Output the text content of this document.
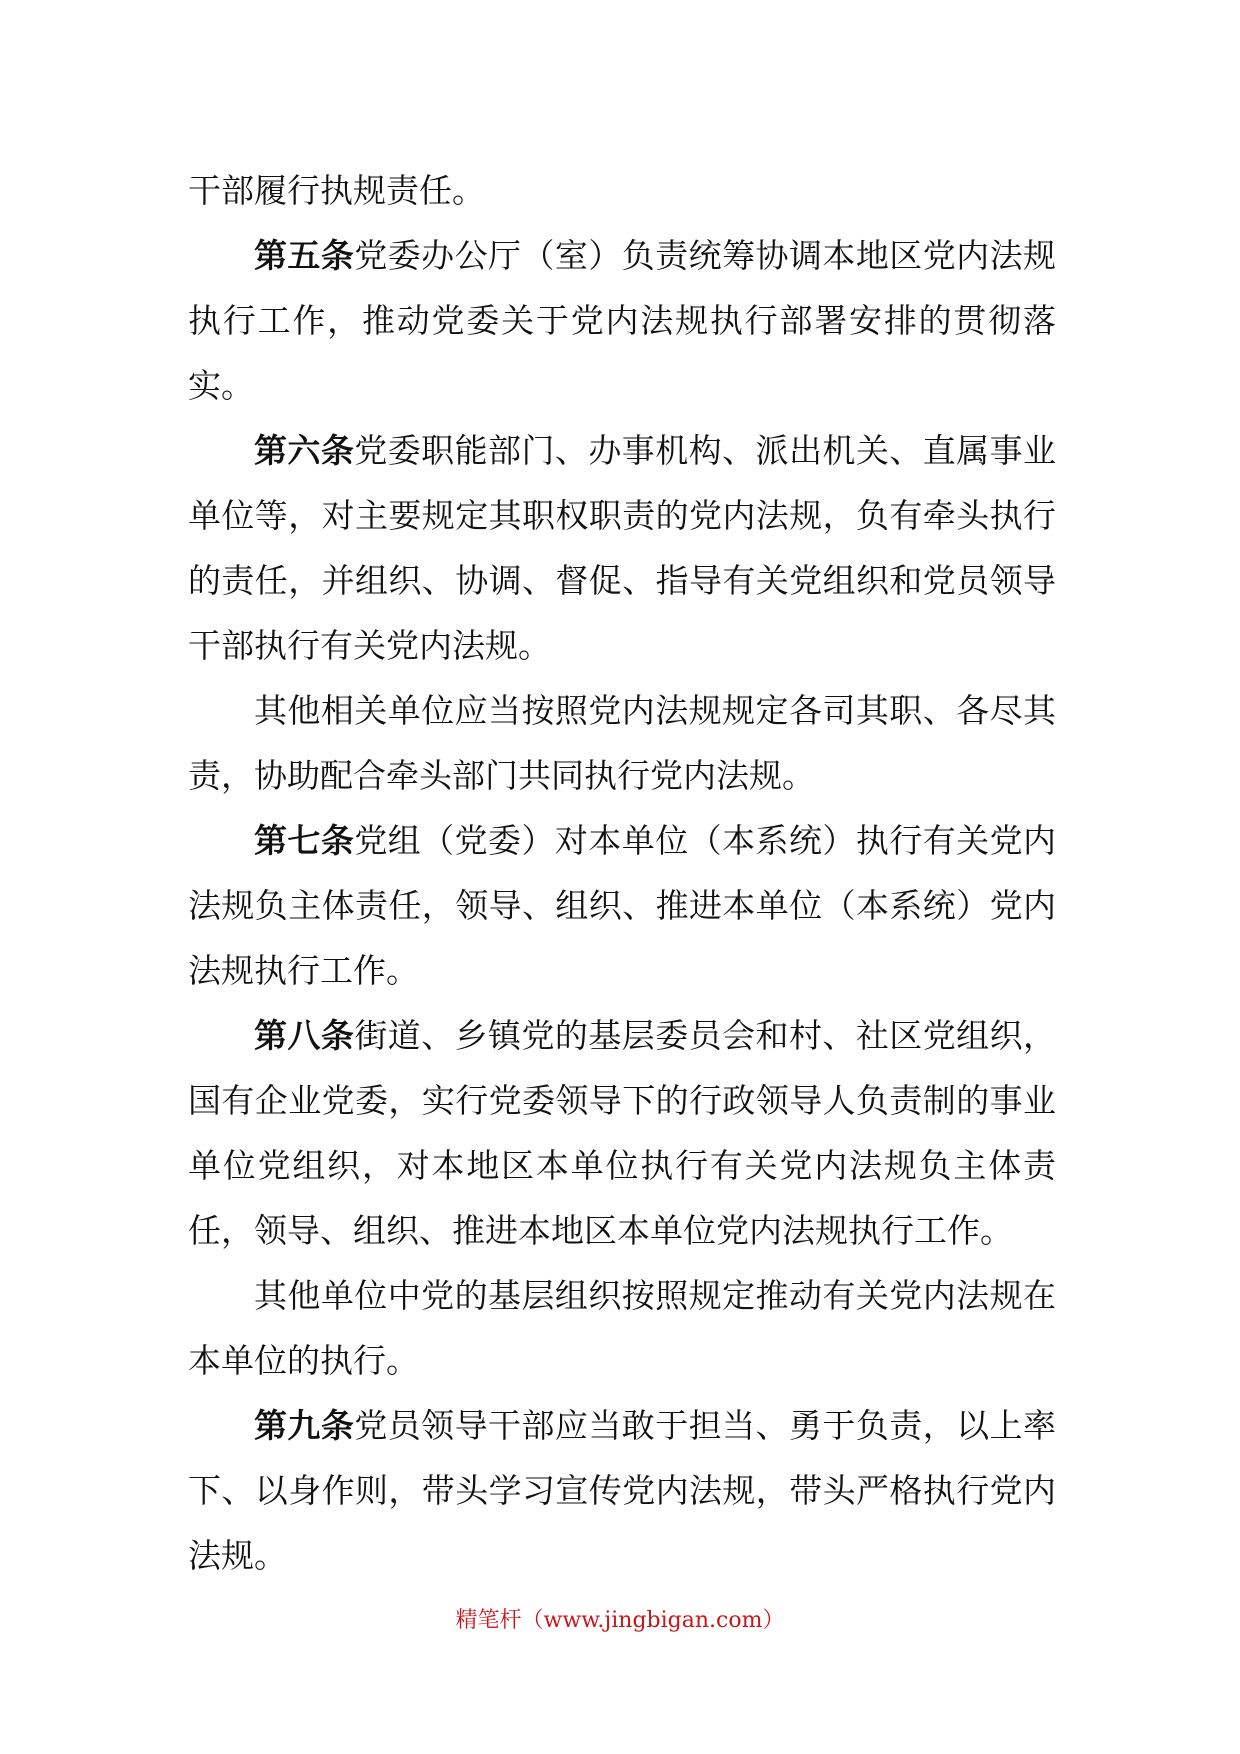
干部履行执规责任。

第五条党委办公厅（室）负责统筹协调本地区党内法规执行工作，推动党委关于党内法规执行部署安排的贯彻落实。

第六条党委职能部门、办事机构、派出机关、直属事业单位等，对主要规定其职权职责的党内法规，负有牵头执行的责任，并组织、协调、督促、指导有关党组织和党员领导干部执行有关党内法规。

其他相关单位应当按照党内法规规定各司其职、各尽其责，协助配合牵头部门共同执行党内法规。

第七条党组（党委）对本单位（本系统）执行有关党内法规负主体责任，领导、组织、推进本单位（本系统）党内法规执行工作。

第八条街道、乡镇党的基层委员会和村、社区党组织，国有企业党委，实行党委领导下的行政领导人负责制的事业单位党组织，对本地区本单位执行有关党内法规负主体责任，领导、组织、推进本地区本单位党内法规执行工作。

其他单位中党的基层组织按照规定推动有关党内法规在本单位的执行。

第九条党员领导干部应当敢于担当、勇于负责，以上率下、以身作则，带头学习宣传党内法规，带头严格执行党内法规。

精笔杆（www.jingbigan.com）
